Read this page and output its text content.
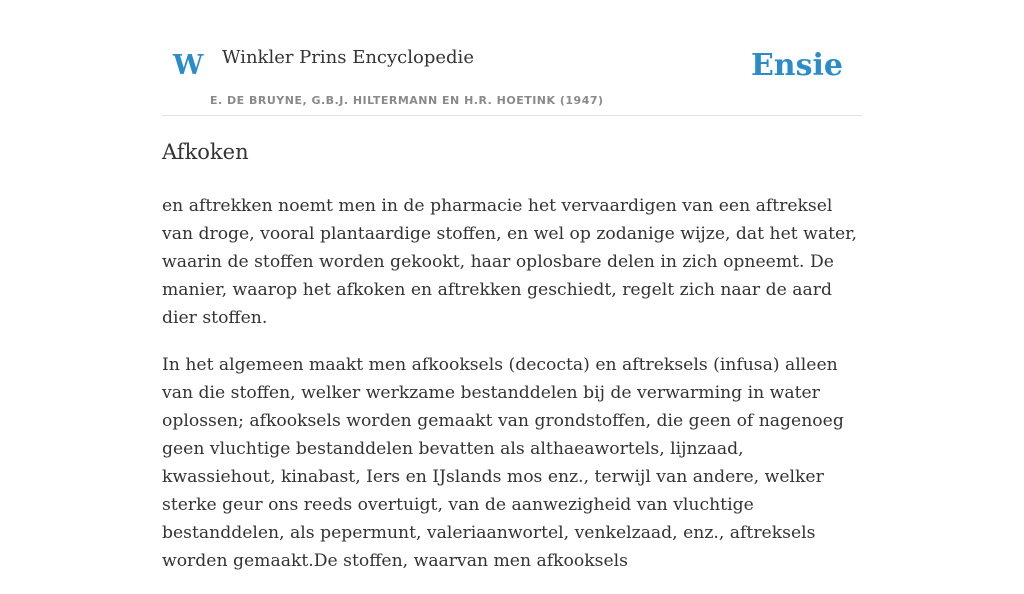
W Winkler Prins Encyclopedie
E. DE BRUYNE, G.B.J. HILTERMANN EN H.R. HOETINK (1947)
Ensie
Afkoken

en aftrekken noemt men in de pharmacie het vervaardigen van een aftreksel van droge, vooral plantaardige stoffen, en wel op zodanige wijze, dat het water, waarin de stoffen worden gekookt, haar oplosbare delen in zich opneemt. De manier, waarop het afkoken en aftrekken geschiedt, regelt zich naar de aard dier stoffen.

In het algemeen maakt men afkooksels (decocta) en aftreksels (infusa) alleen van die stoffen, welker werkzame bestanddelen bij de verwarming in water oplossen; afkooksels worden gemaakt van grondstoffen, die geen of nagenoeg geen vluchtige bestanddelen bevatten als althaeawortels, lijnzaad, kwassiehout, kinabast, Iers en IJslands mos enz., terwijl van andere, welker sterke geur ons reeds overtuigt, van de aanwezigheid van vluchtige bestanddelen, als pepermunt, valeriaanwortel, venkelzaad, enz., aftreksels worden gemaakt.De stoffen, waarvan men afkooksels
